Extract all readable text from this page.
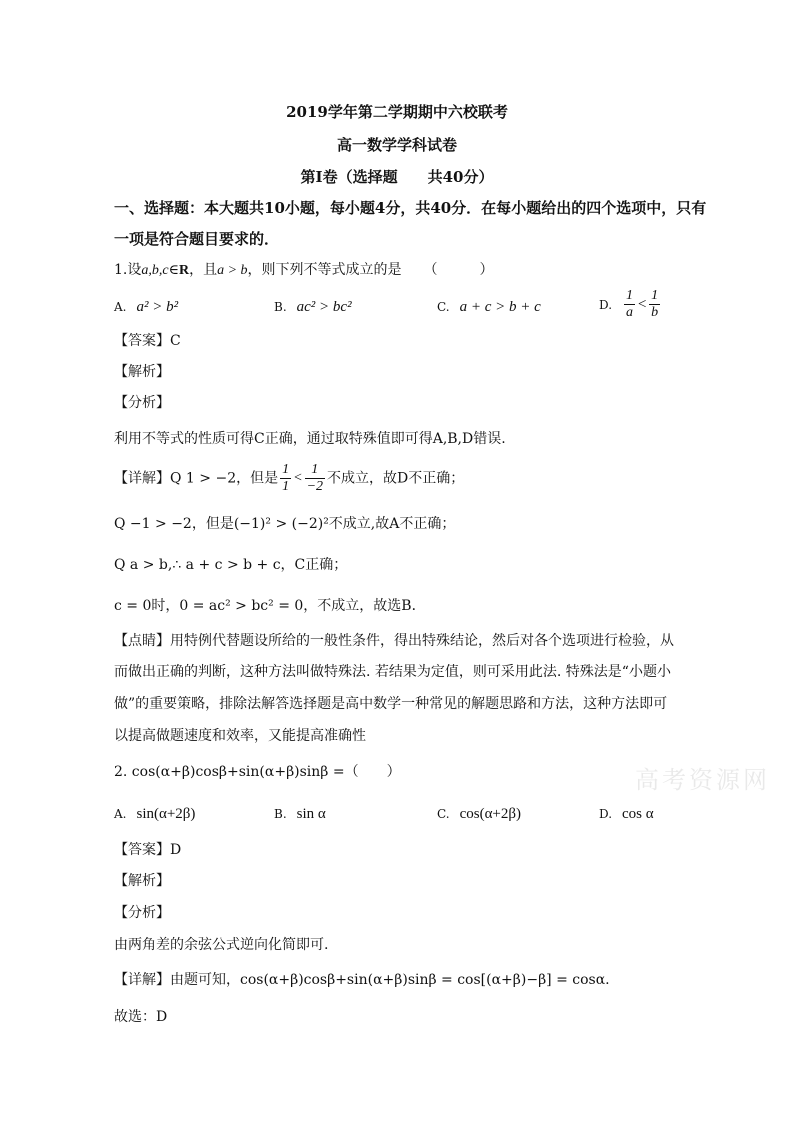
高考资源网
2019学年第二学期期中六校联考
高一数学学科试卷
第Ⅰ卷（选择题　　共40分）
一、选择题：本大题共10小题，每小题4分，共40分．在每小题给出的四个选项中，只有
一项是符合题目要求的．
1.设a,b,c∈R，且a > b，则下列不等式成立的是 （　　　）
A. a² > b²	B. ac² > bc²	C. a + c > b + c	D. $\frac{1}{a} < \frac{1}{b}$
【答案】C
【解析】
【分析】
利用不等式的性质可得C正确，通过取特殊值即可得A,B,D错误.
【详解】Q 1 > −2，但是 $\frac{1}{1} < \frac{1}{-2}$ 不成立，故D不正确；
Q −1 > −2，但是(−1)² > (−2)²不成立,故A不正确；
Q a > b,∴ a + c > b + c，C正确；
c = 0时，0 = ac² > bc² = 0，不成立，故选B．
【点睛】用特例代替题设所给的一般性条件，得出特殊结论，然后对各个选项进行检验，从
而做出正确的判断，这种方法叫做特殊法. 若结果为定值，则可采用此法. 特殊法是“小题小
做”的重要策略，排除法解答选择题是高中数学一种常见的解题思路和方法，这种方法即可
以提高做题速度和效率，又能提高准确性
2. cos(α+β)cosβ+sin(α+β)sinβ =（　　）
A. sin(α+2β)	B. sin α	C. cos(α+2β)	D. cos α
【答案】D
【解析】
【分析】
由两角差的余弦公式逆向化简即可.
【详解】由题可知，cos(α+β)cosβ+sin(α+β)sinβ = cos[(α+β)−β] = cosα.
故选：D
